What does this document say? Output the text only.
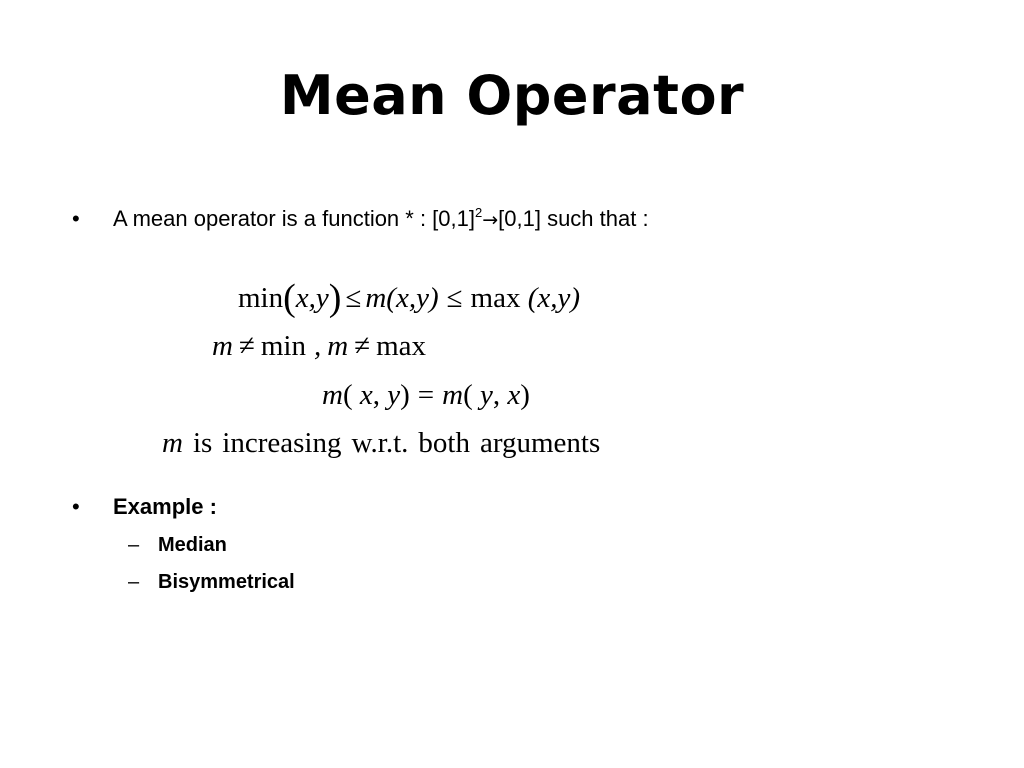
Mean Operator
• A mean operator is a function * : $[0,1]^2\to[0,1]$ such that :
min(x,y) ≤ m(x,y) ≤ max (x,y)
m ≠ min , m ≠ max
m( x, y) = m( y, x)
m is increasing w.r.t. both arguments
• Example :
– Median
– Bisymmetrical
